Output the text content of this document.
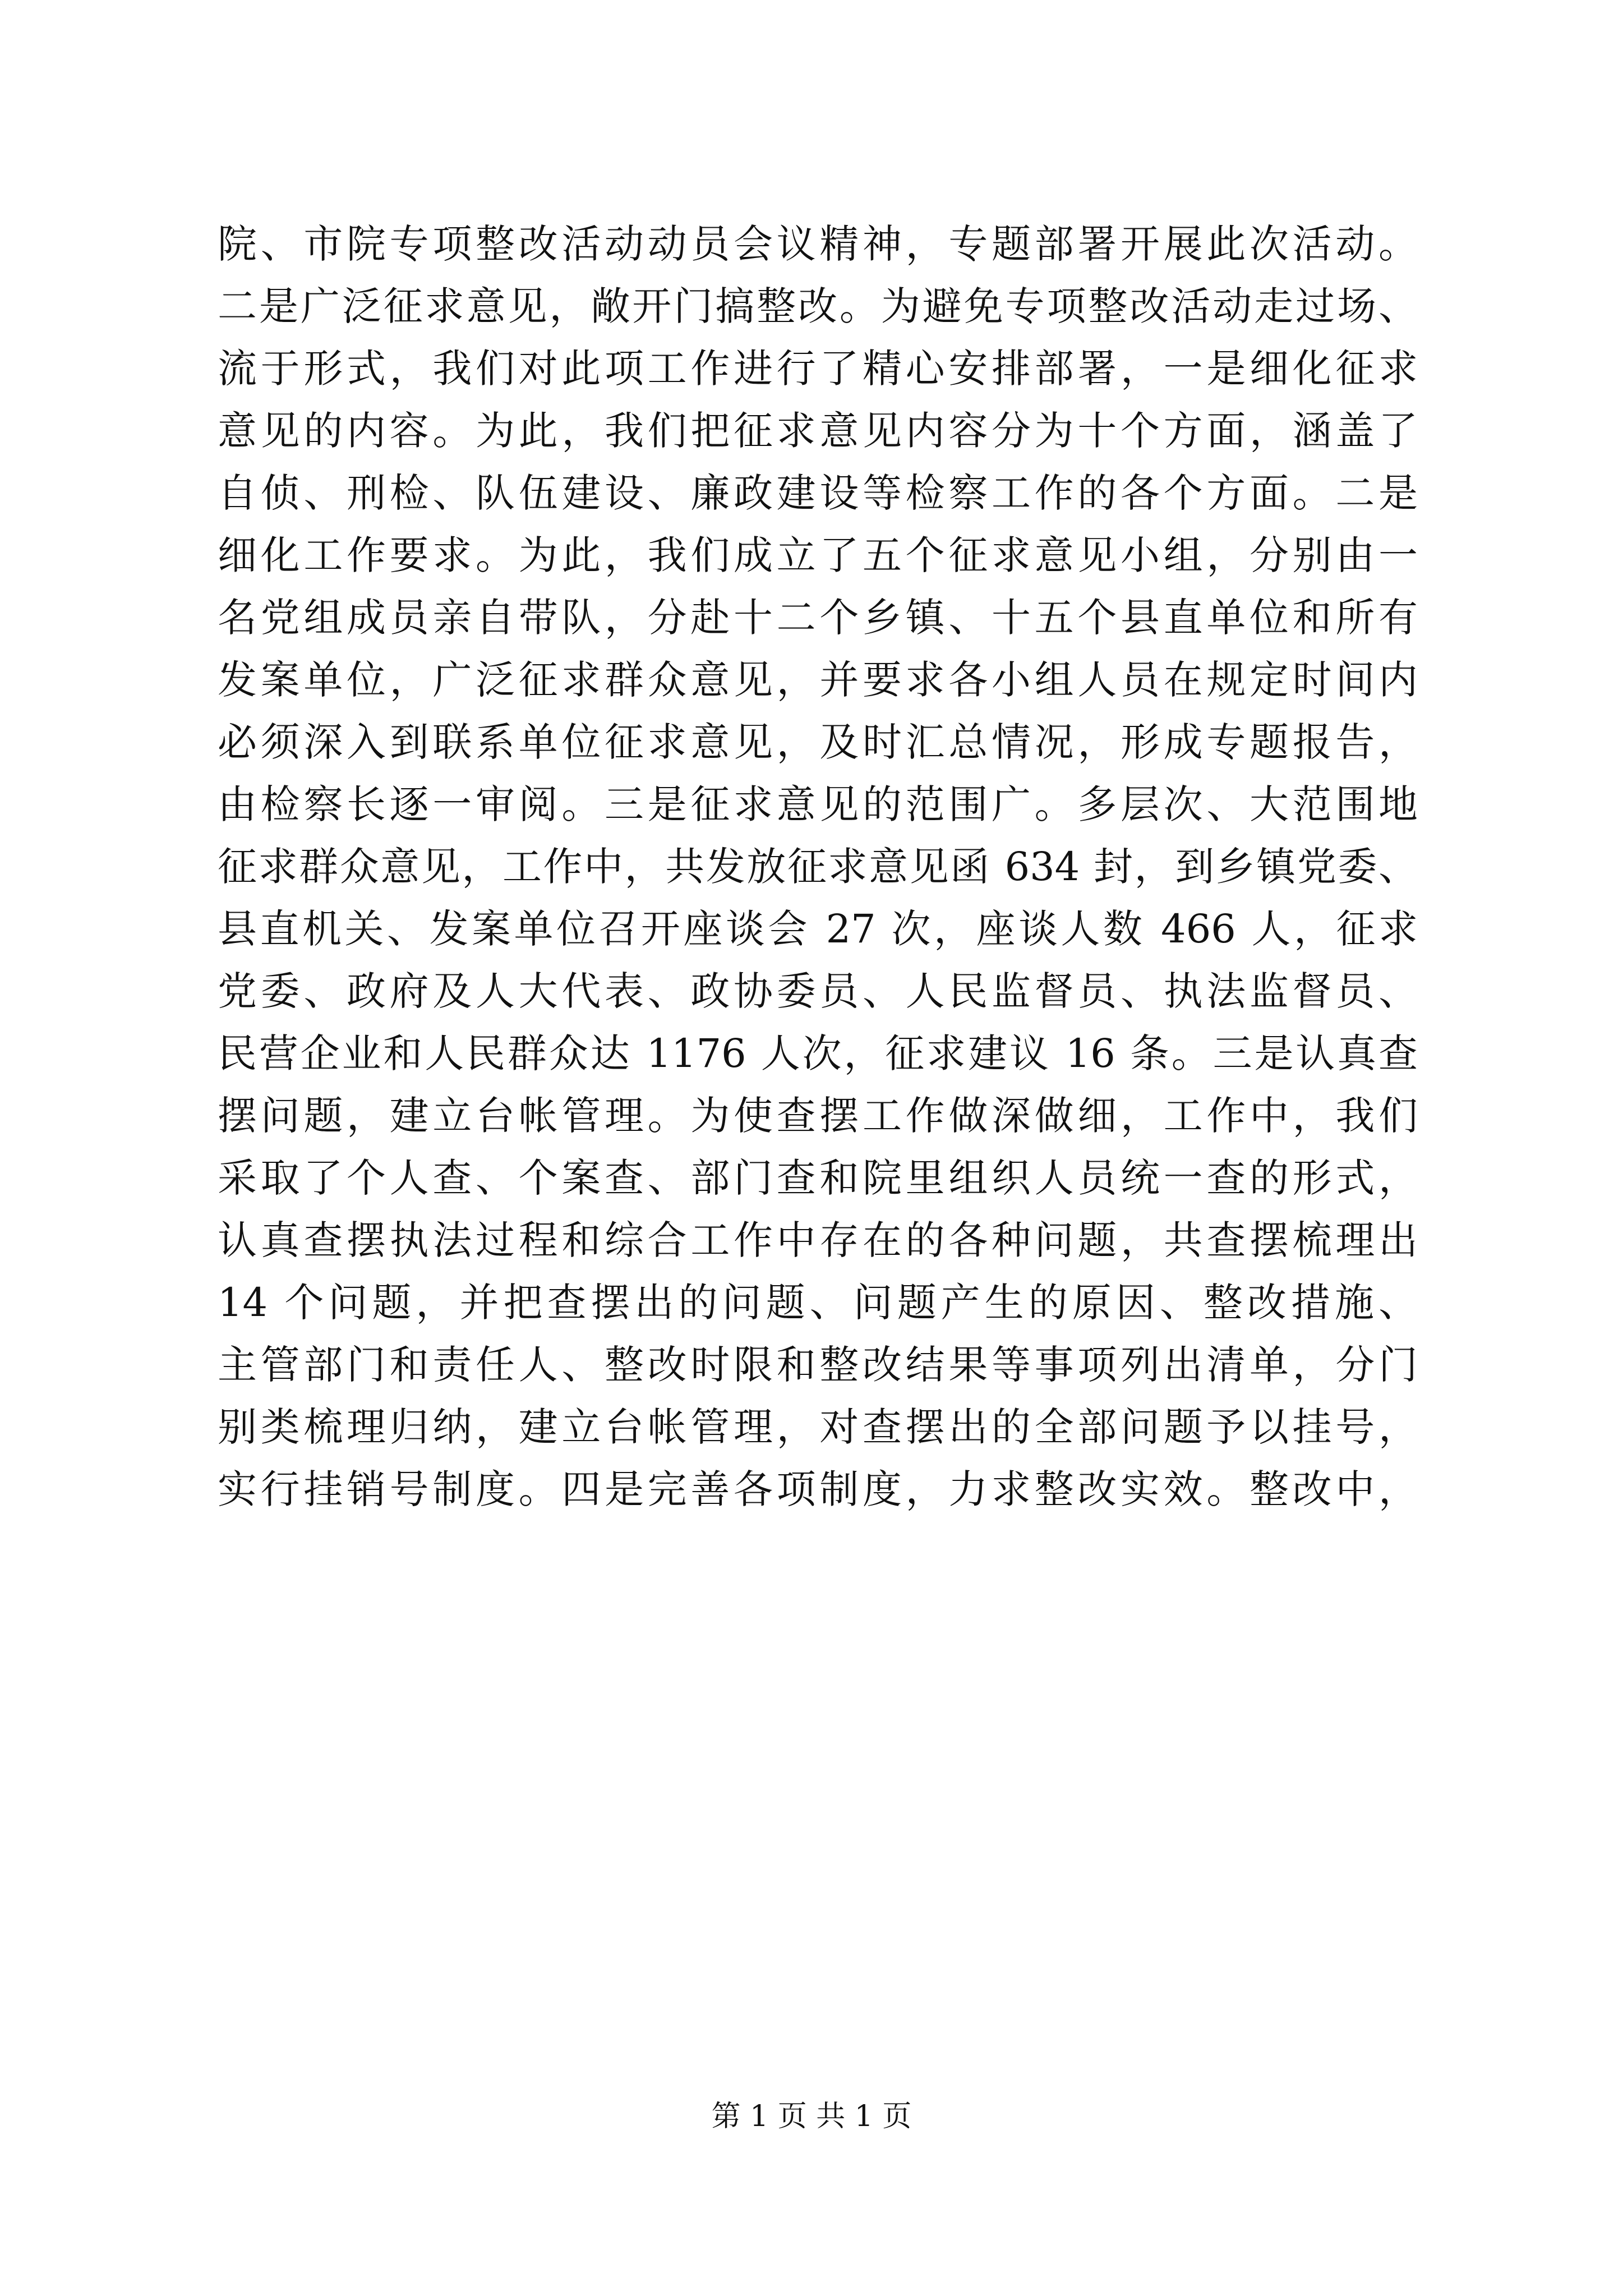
院、市院专项整改活动动员会议精神，专题部署开展此次活动。
二是广泛征求意见，敞开门搞整改。为避免专项整改活动走过场、
流于形式，我们对此项工作进行了精心安排部署，一是细化征求
意见的内容。为此，我们把征求意见内容分为十个方面，涵盖了
自侦、刑检、队伍建设、廉政建设等检察工作的各个方面。二是
细化工作要求。为此，我们成立了五个征求意见小组，分别由一
名党组成员亲自带队，分赴十二个乡镇、十五个县直单位和所有
发案单位，广泛征求群众意见，并要求各小组人员在规定时间内
必须深入到联系单位征求意见，及时汇总情况，形成专题报告，
由检察长逐一审阅。三是征求意见的范围广。多层次、大范围地
征求群众意见，工作中，共发放征求意见函 634 封，到乡镇党委、
县直机关、发案单位召开座谈会 27 次，座谈人数 466 人，征求
党委、政府及人大代表、政协委员、人民监督员、执法监督员、
民营企业和人民群众达 1176 人次，征求建议 16 条。三是认真查
摆问题，建立台帐管理。为使查摆工作做深做细，工作中，我们
采取了个人查、个案查、部门查和院里组织人员统一查的形式，
认真查摆执法过程和综合工作中存在的各种问题，共查摆梳理出
14 个问题，并把查摆出的问题、问题产生的原因、整改措施、
主管部门和责任人、整改时限和整改结果等事项列出清单，分门
别类梳理归纳，建立台帐管理，对查摆出的全部问题予以挂号，
实行挂销号制度。四是完善各项制度，力求整改实效。整改中，
第 1 页 共 1 页
